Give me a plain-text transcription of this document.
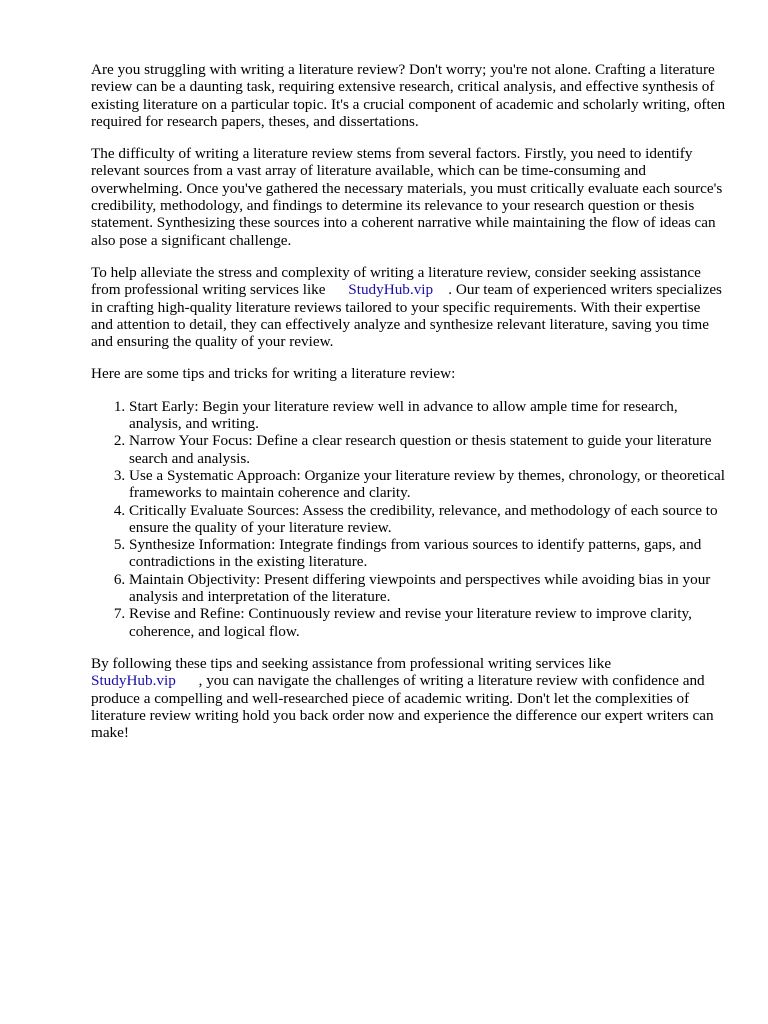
Are you struggling with writing a literature review? Don't worry; you're not alone. Crafting a literature review can be a daunting task, requiring extensive research, critical analysis, and effective synthesis of existing literature on a particular topic. It's a crucial component of academic and scholarly writing, often required for research papers, theses, and dissertations.

The difficulty of writing a literature review stems from several factors. Firstly, you need to identify relevant sources from a vast array of literature available, which can be time-consuming and overwhelming. Once you've gathered the necessary materials, you must critically evaluate each source's credibility, methodology, and findings to determine its relevance to your research question or thesis statement. Synthesizing these sources into a coherent narrative while maintaining the flow of ideas can also pose a significant challenge.

To help alleviate the stress and complexity of writing a literature review, consider seeking assistance from professional writing services like StudyHub.vip . Our team of experienced writers specializes in crafting high-quality literature reviews tailored to your specific requirements. With their expertise and attention to detail, they can effectively analyze and synthesize relevant literature, saving you time and ensuring the quality of your review.

Here are some tips and tricks for writing a literature review:

1. Start Early: Begin your literature review well in advance to allow ample time for research, analysis, and writing.
2. Narrow Your Focus: Define a clear research question or thesis statement to guide your literature search and analysis.
3. Use a Systematic Approach: Organize your literature review by themes, chronology, or theoretical frameworks to maintain coherence and clarity.
4. Critically Evaluate Sources: Assess the credibility, relevance, and methodology of each source to ensure the quality of your literature review.
5. Synthesize Information: Integrate findings from various sources to identify patterns, gaps, and contradictions in the existing literature.
6. Maintain Objectivity: Present differing viewpoints and perspectives while avoiding bias in your analysis and interpretation of the literature.
7. Revise and Refine: Continuously review and revise your literature review to improve clarity, coherence, and logical flow.

By following these tips and seeking assistance from professional writing services like
StudyHub.vip , you can navigate the challenges of writing a literature review with confidence and produce a compelling and well-researched piece of academic writing. Don't let the complexities of literature review writing hold you back order now and experience the difference our expert writers can make!
